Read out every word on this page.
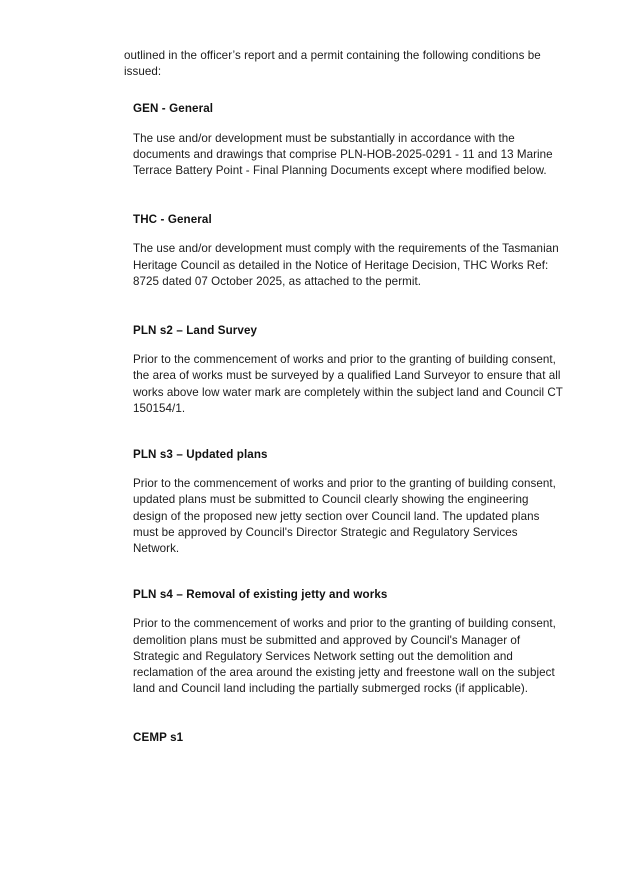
outlined in the officer’s report and a permit containing the following conditions be issued:

GEN - General

The use and/or development must be substantially in accordance with the documents and drawings that comprise PLN-HOB-2025-0291 - 11 and 13 Marine Terrace Battery Point - Final Planning Documents except where modified below.

THC - General

The use and/or development must comply with the requirements of the Tasmanian Heritage Council as detailed in the Notice of Heritage Decision, THC Works Ref: 8725 dated 07 October 2025, as attached to the permit.

PLN s2 – Land Survey

Prior to the commencement of works and prior to the granting of building consent, the area of works must be surveyed by a qualified Land Surveyor to ensure that all works above low water mark are completely within the subject land and Council CT 150154/1.

PLN s3 – Updated plans

Prior to the commencement of works and prior to the granting of building consent, updated plans must be submitted to Council clearly showing the engineering design of the proposed new jetty section over Council land. The updated plans must be approved by Council's Director Strategic and Regulatory Services Network.

PLN s4 – Removal of existing jetty and works

Prior to the commencement of works and prior to the granting of building consent, demolition plans must be submitted and approved by Council's Manager of Strategic and Regulatory Services Network setting out the demolition and reclamation of the area around the existing jetty and freestone wall on the subject land and Council land including the partially submerged rocks (if applicable).

CEMP s1
